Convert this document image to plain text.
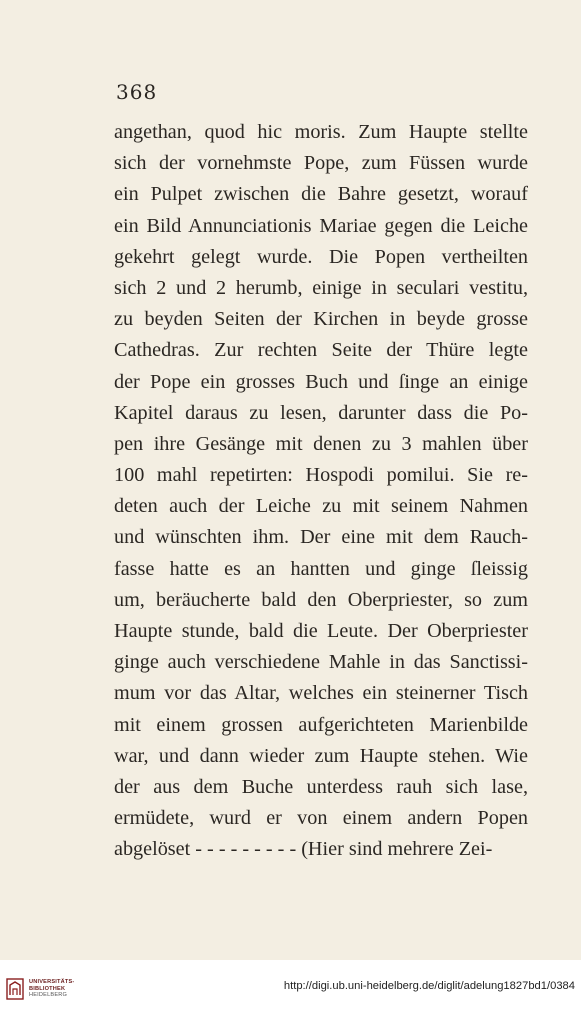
368
angethan, quod hic moris. Zum Haupte stellte
sich der vornehmste Pope, zum Füssen wurde
ein Pulpet zwischen die Bahre gesetzt, worauf
ein Bild Annunciationis Mariae gegen die Leiche
gekehrt gelegt wurde. Die Popen vertheilten
sich 2 und 2 herumb, einige in seculari vestitu,
zu beyden Seiten der Kirchen in beyde grosse
Cathedras. Zur rechten Seite der Thüre legte
der Pope ein grosses Buch und ſinge an einige
Kapitel daraus zu lesen, darunter dass die Po-
pen ihre Gesänge mit denen zu 3 mahlen über
100 mahl repetirten: Hospodi pomilui. Sie re-
deten auch der Leiche zu mit seinem Nahmen
und wünschten ihm. Der eine mit dem Rauch-
fasse hatte es an hantten und ginge ſleissig
um, beräucherte bald den Oberpriester, so zum
Haupte stunde, bald die Leute. Der Oberpriester
ginge auch verschiedene Mahle in das Sanctissi-
mum vor das Altar, welches ein steinerner Tisch
mit einem grossen aufgerichteten Marienbilde
war, und dann wieder zum Haupte stehen. Wie
der aus dem Buche unterdess rauh sich lase,
ermüdete, wurd er von einem andern Popen
abgelöset - - - - - - - - - (Hier sind mehrere Zei-
UNIVERSITÄTS-
BIBLIOTHEK
HEIDELBERG
http://digi.ub.uni-heidelberg.de/diglit/adelung1827bd1/0384
